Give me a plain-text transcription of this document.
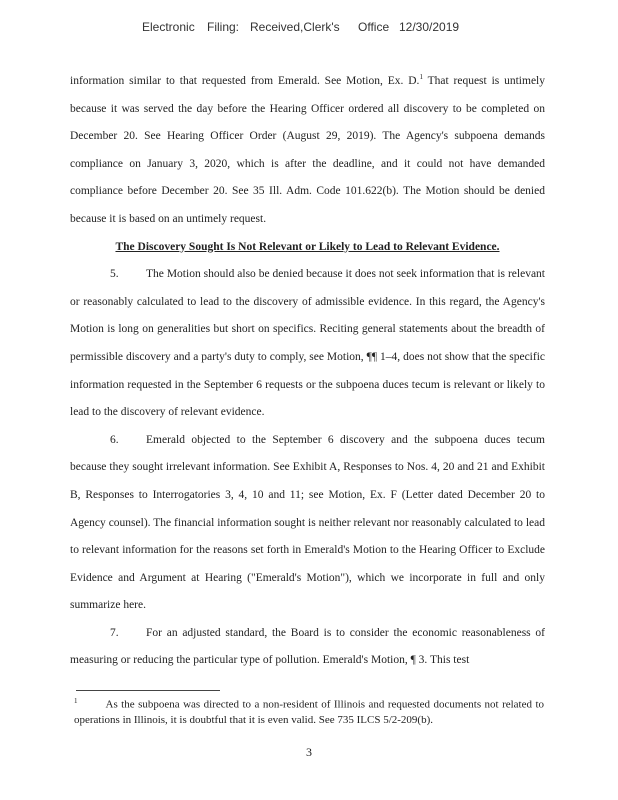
Electronic Filing: Received,Clerk's Office 12/30/2019

information similar to that requested from Emerald. See Motion, Ex. D.$^1$ That request is untimely because it was served the day before the Hearing Officer ordered all discovery to be completed on December 20. See Hearing Officer Order (August 29, 2019). The Agency's subpoena demands compliance on January 3, 2020, which is after the deadline, and it could not have demanded compliance before December 20. See 35 Ill. Adm. Code 101.622(b). The Motion should be denied because it is based on an untimely request.

The Discovery Sought Is Not Relevant or Likely to Lead to Relevant Evidence.

5. The Motion should also be denied because it does not seek information that is relevant or reasonably calculated to lead to the discovery of admissible evidence. In this regard, the Agency's Motion is long on generalities but short on specifics. Reciting general statements about the breadth of permissible discovery and a party's duty to comply, see Motion, ¶¶ 1–4, does not show that the specific information requested in the September 6 requests or the subpoena duces tecum is relevant or likely to lead to the discovery of relevant evidence.

6. Emerald objected to the September 6 discovery and the subpoena duces tecum because they sought irrelevant information. See Exhibit A, Responses to Nos. 4, 20 and 21 and Exhibit B, Responses to Interrogatories 3, 4, 10 and 11; see Motion, Ex. F (Letter dated December 20 to Agency counsel). The financial information sought is neither relevant nor reasonably calculated to lead to relevant information for the reasons set forth in Emerald's Motion to the Hearing Officer to Exclude Evidence and Argument at Hearing ("Emerald's Motion"), which we incorporate in full and only summarize here.

7. For an adjusted standard, the Board is to consider the economic reasonableness of measuring or reducing the particular type of pollution. Emerald's Motion, ¶ 3. This test

$^1$	As the subpoena was directed to a non-resident of Illinois and requested documents not related to operations in Illinois, it is doubtful that it is even valid. See 735 ILCS 5/2-209(b).
3
